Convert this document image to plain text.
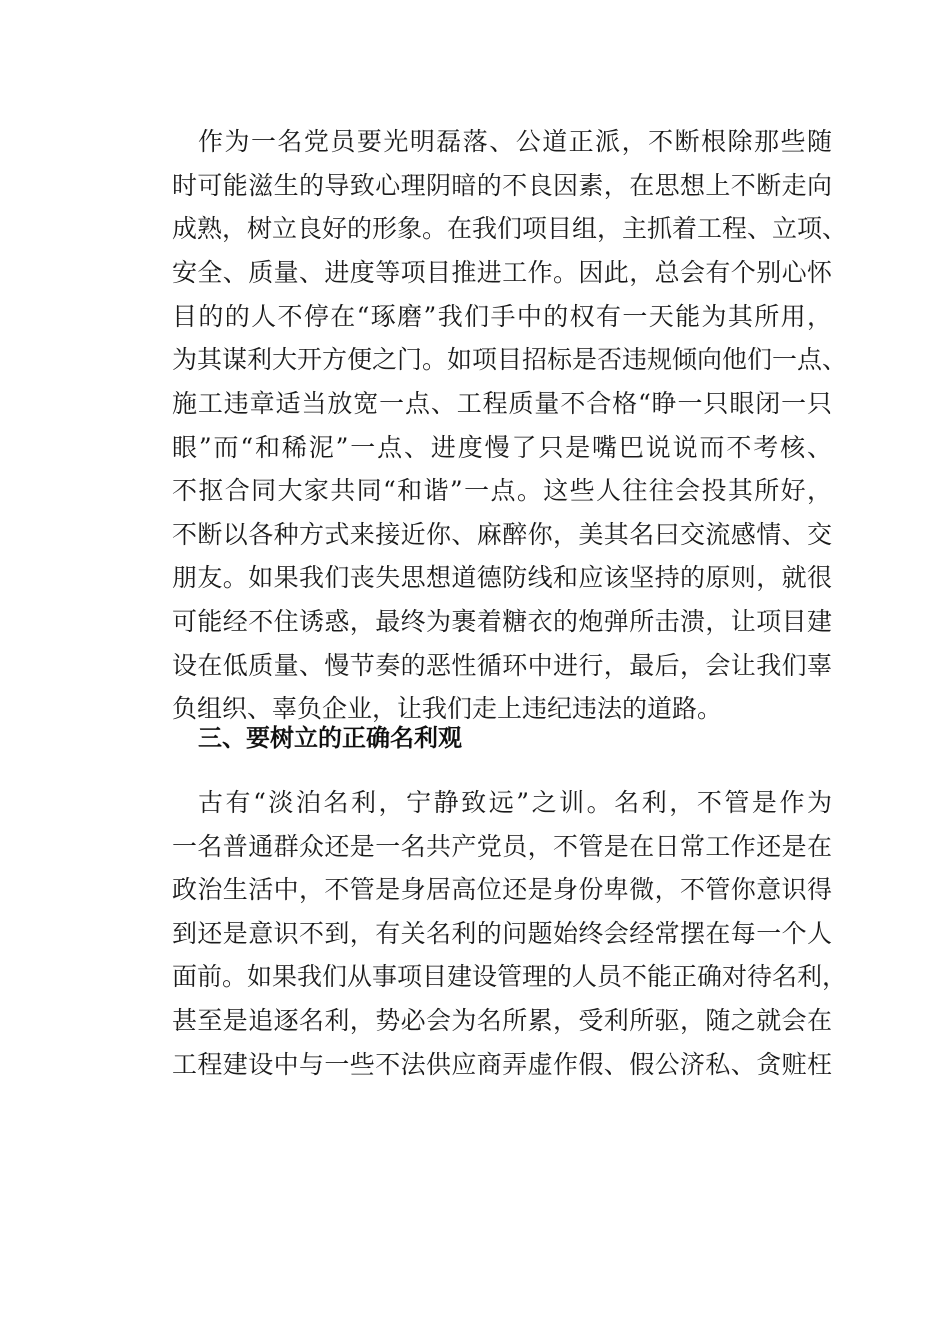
作为一名党员要光明磊落、公道正派，不断根除那些随
时可能滋生的导致心理阴暗的不良因素，在思想上不断走向
成熟，树立良好的形象。在我们项目组，主抓着工程、立项、
安全、质量、进度等项目推进工作。因此，总会有个别心怀
目的的人不停在“琢磨”我们手中的权有一天能为其所用，
为其谋利大开方便之门。如项目招标是否违规倾向他们一点、
施工违章适当放宽一点、工程质量不合格“睁一只眼闭一只
眼”而“和稀泥”一点、进度慢了只是嘴巴说说而不考核、
不抠合同大家共同“和谐”一点。这些人往往会投其所好，
不断以各种方式来接近你、麻醉你，美其名曰交流感情、交
朋友。如果我们丧失思想道德防线和应该坚持的原则，就很
可能经不住诱惑，最终为裹着糖衣的炮弹所击溃，让项目建
设在低质量、慢节奏的恶性循环中进行，最后，会让我们辜
负组织、辜负企业，让我们走上违纪违法的道路。
三、要树立的正确名利观
古有“淡泊名利，宁静致远”之训。名利，不管是作为
一名普通群众还是一名共产党员，不管是在日常工作还是在
政治生活中，不管是身居高位还是身份卑微，不管你意识得
到还是意识不到，有关名利的问题始终会经常摆在每一个人
面前。如果我们从事项目建设管理的人员不能正确对待名利，
甚至是追逐名利，势必会为名所累，受利所驱，随之就会在
工程建设中与一些不法供应商弄虚作假、假公济私、贪赃枉
